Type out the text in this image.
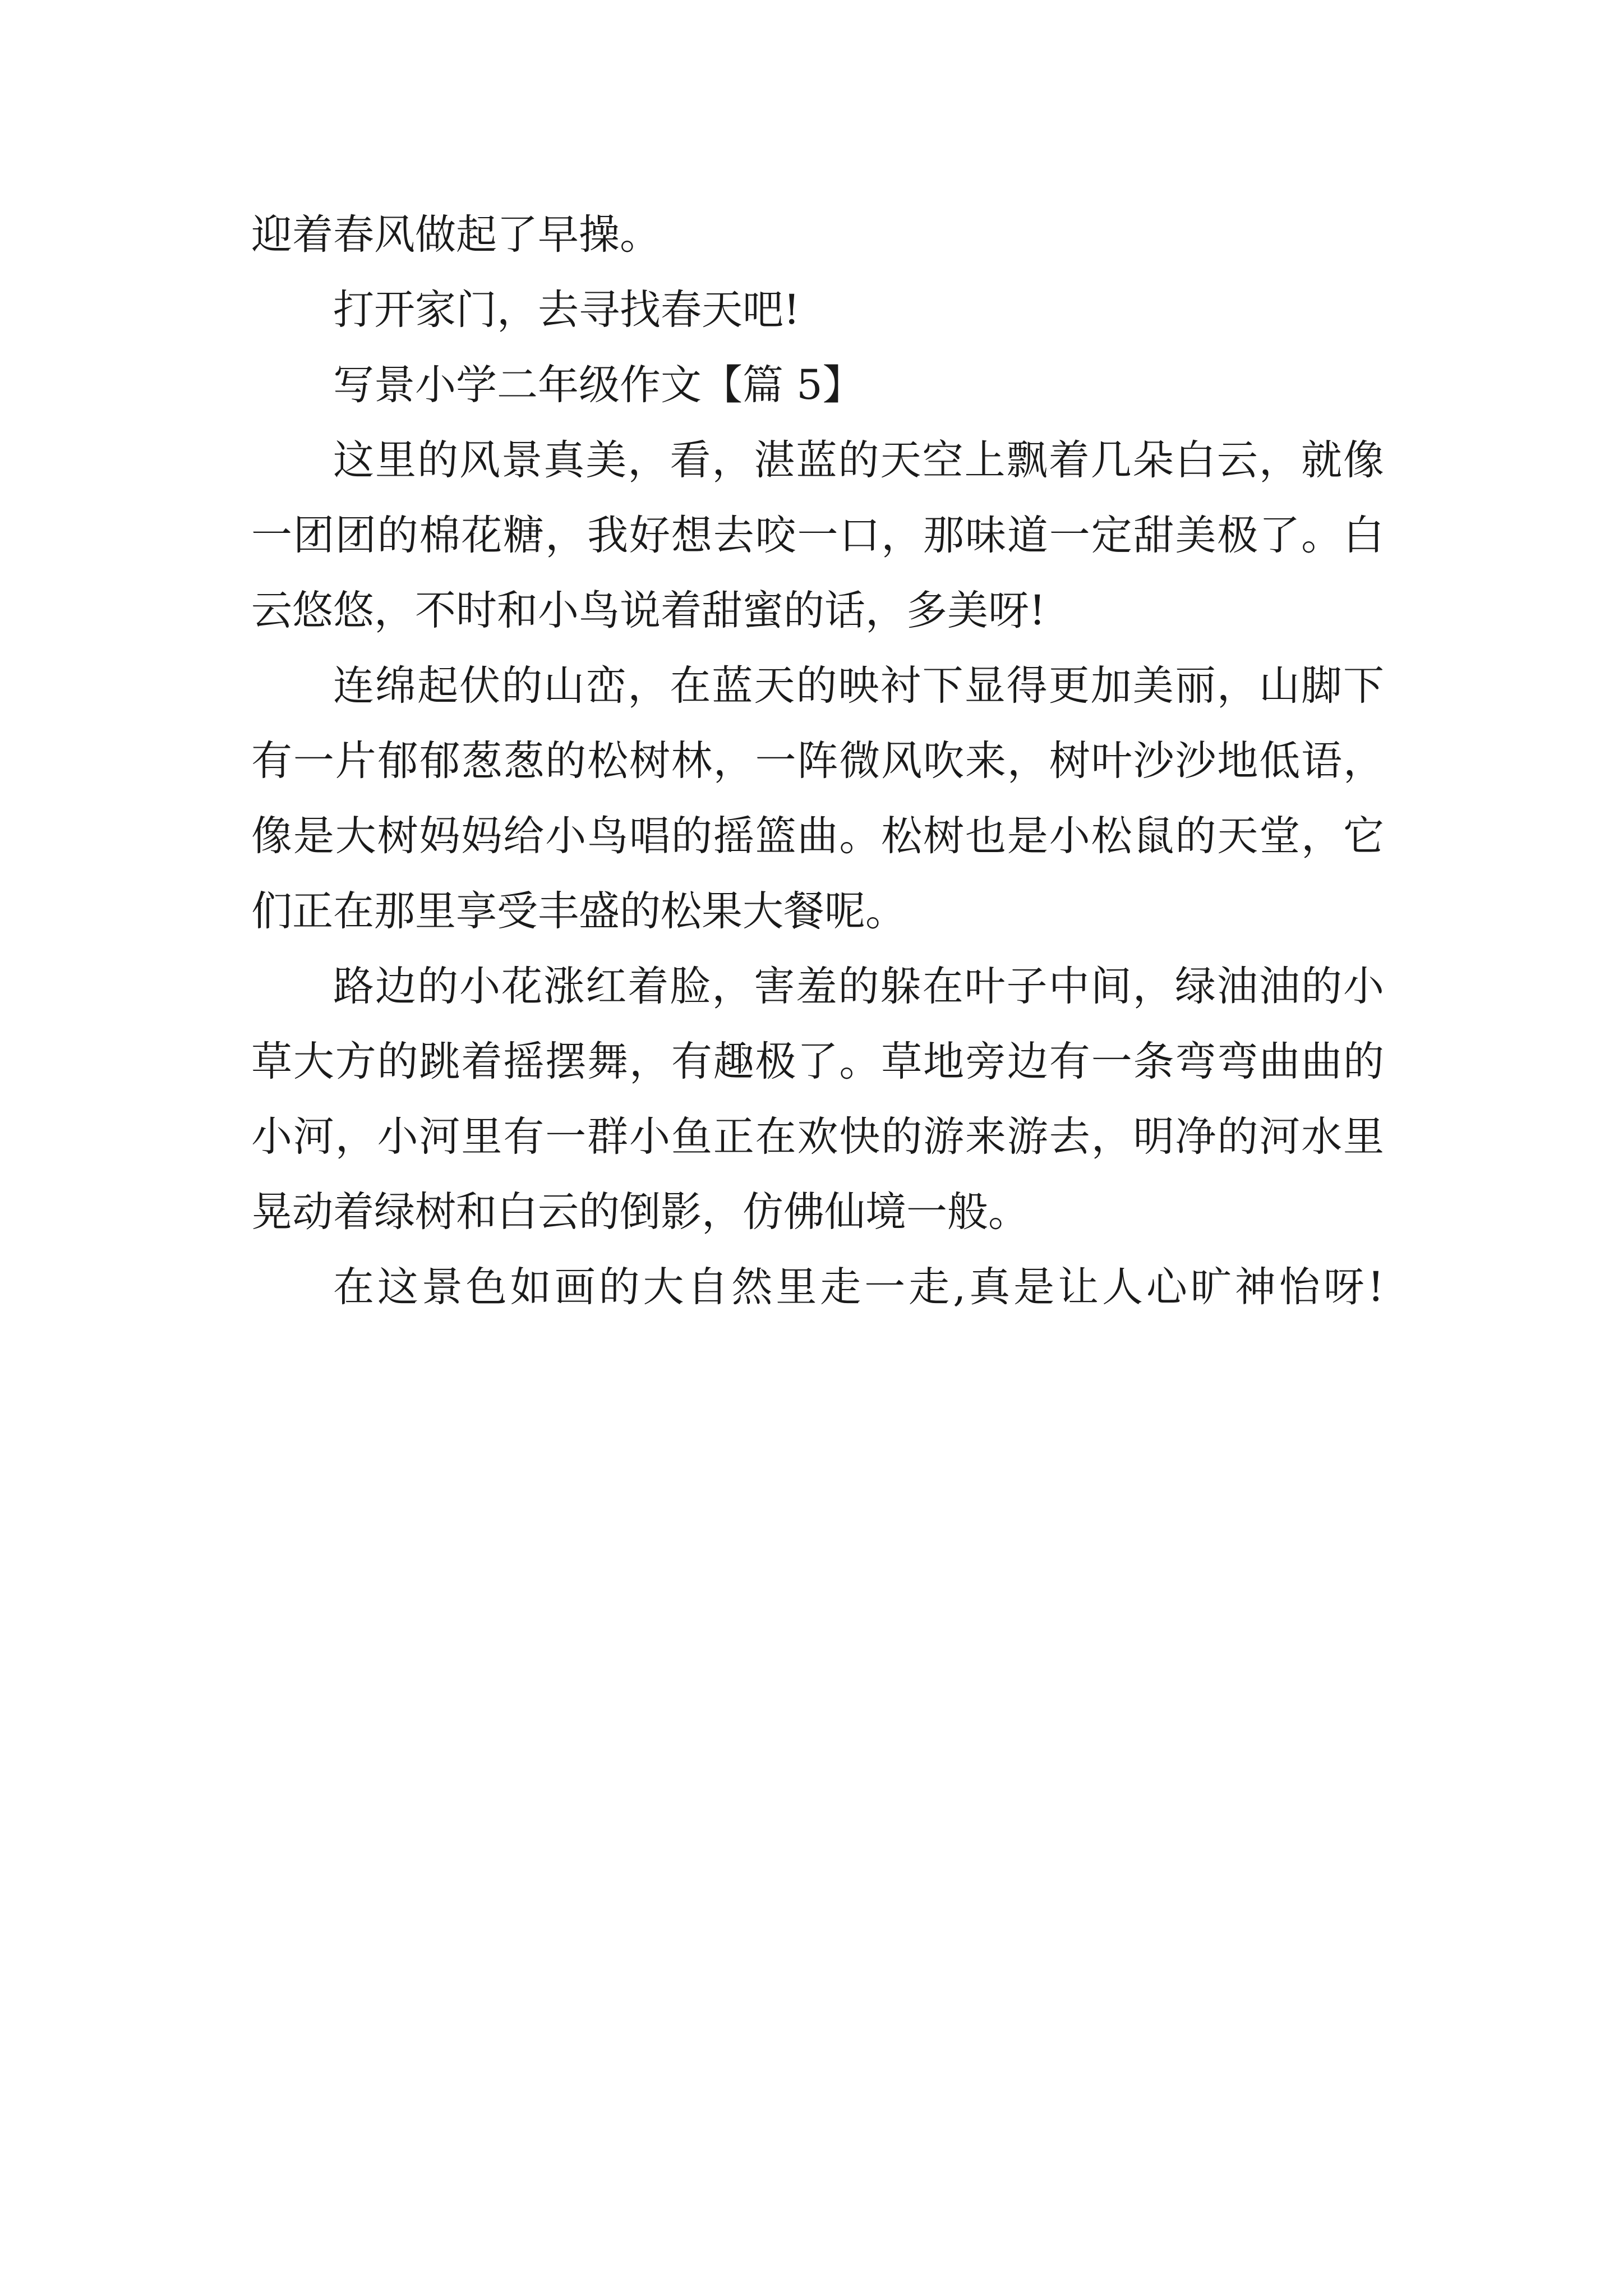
迎着春风做起了早操。

打开家门，去寻找春天吧!

写景小学二年级作文【篇 5】

这里的风景真美，看，湛蓝的天空上飘着几朵白云，就像一团团的棉花糖，我好想去咬一口，那味道一定甜美极了。白云悠悠，不时和小鸟说着甜蜜的话，多美呀!

连绵起伏的山峦，在蓝天的映衬下显得更加美丽，山脚下有一片郁郁葱葱的松树林，一阵微风吹来，树叶沙沙地低语，像是大树妈妈给小鸟唱的摇篮曲。松树也是小松鼠的天堂，它们正在那里享受丰盛的松果大餐呢。

路边的小花涨红着脸，害羞的躲在叶子中间，绿油油的小草大方的跳着摇摆舞，有趣极了。草地旁边有一条弯弯曲曲的小河，小河里有一群小鱼正在欢快的游来游去，明净的河水里晃动着绿树和白云的倒影，仿佛仙境一般。

在这景色如画的大自然里走一走,真是让人心旷神怡呀!
